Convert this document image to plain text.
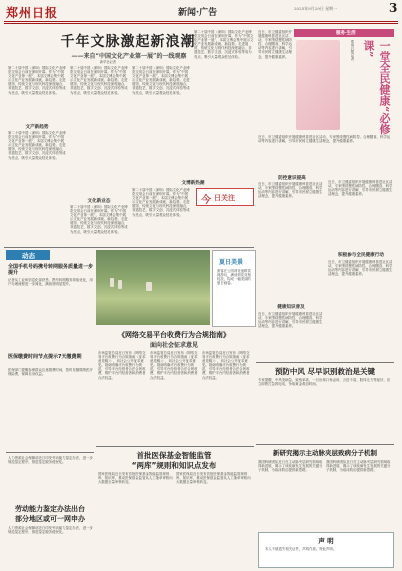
郑州日报	新闻·广告	2025年9月29日 星期一	3
千年文脉激起新浪潮
——来自“中国文化产业第一展”的一线观察
新华社记者
第二十届中国（深圳）国际文化产业博览交易会日前在深圳开幕。作为“中国文化产业第一展”，本届文博会集中展示文化产业发展新成就、新趋势。走进展馆，传统文化与现代科技深度融合，非遗技艺、数字文创、沉浸式体验等成为亮点，吸引大量观众驻足体验。
文产新趋势
第二十届中国（深圳）国际文化产业博览交易会日前在深圳开幕。作为“中国文化产业第一展”，本届文博会集中展示文化产业发展新成就、新趋势。走进展馆，传统文化与现代科技深度融合，非遗技艺、数字文创、沉浸式体验等成为亮点，吸引大量观众驻足体验。
第二十届中国（深圳）国际文化产业博览交易会日前在深圳开幕。作为“中国文化产业第一展”，本届文博会集中展示文化产业发展新成就、新趋势。走进展馆，传统文化与现代科技深度融合，非遗技艺、数字文创、沉浸式体验等成为亮点，吸引大量观众驻足体验。
文化新业态
第二十届中国（深圳）国际文化产业博览交易会日前在深圳开幕。作为“中国文化产业第一展”，本届文博会集中展示文化产业发展新成就、新趋势。走进展馆，传统文化与现代科技深度融合，非遗技艺、数字文创、沉浸式体验等成为亮点，吸引大量观众驻足体验。
第二十届中国（深圳）国际文化产业博览交易会日前在深圳开幕。作为“中国文化产业第一展”，本届文博会集中展示文化产业发展新成就、新趋势。走进展馆，传统文化与现代科技深度融合，非遗技艺、数字文创、沉浸式体验等成为亮点，吸引大量观众驻足体验。
第二十届中国（深圳）国际文化产业博览交易会日前在深圳开幕。作为“中国文化产业第一展”，本届文博会集中展示文化产业发展新成就、新趋势。走进展馆，传统文化与现代科技深度融合，非遗技艺、数字文创、沉浸式体验等成为亮点，吸引大量观众驻足体验。
文博新热潮
第二十届中国（深圳）国际文化产业博览交易会日前在深圳开幕。作为“中国文化产业第一展”，本届文博会集中展示文化产业发展新成就、新趋势。走进展馆，传统文化与现代科技深度融合，非遗技艺、数字文创、沉浸式体验等成为亮点，吸引大量观众驻足体验。
今 日关注
服务·生活
近日，市卫健委组织开展健康科普进社区活动，专家围绕慢性病防控、合理膳食、科学运动等内容进行讲解，引导市民树立健康生活理念，提升健康素养。	一堂全民健康“必修课”
郑州日报记者
近日，市卫健委组织开展健康科普进社区活动，专家围绕慢性病防控、合理膳食、科学运动等内容进行讲解，引导市民树立健康生活理念，提升健康素养。
防控意识提高
近日，市卫健委组织开展健康科普进社区活动，专家围绕慢性病防控、合理膳食、科学运动等内容进行讲解，引导市民树立健康生活理念，提升健康素养。
近日，市卫健委组织开展健康科普进社区活动，专家围绕慢性病防控、合理膳食、科学运动等内容进行讲解，引导市民树立健康生活理念，提升健康素养。
积极参与全民健康行动
近日，市卫健委组织开展健康科普进社区活动，专家围绕慢性病防控、合理膳食、科学运动等内容进行讲解，引导市民树立健康生活理念，提升健康素养。
健康知识普及
近日，市卫健委组织开展健康科普进社区活动，专家围绕慢性病防控、合理膳食、科学运动等内容进行讲解，引导市民树立健康生活理念，提升健康素养。
动态
全国手机号码携号转网服务质量进一步提升
记者从工业和信息化部获悉，携号转网服务持续优化，用户办理流程进一步简化，满意度明显提升。
医保缴费时间节点提示7天缴费期
医保部门提醒参保群众注意缴费时间，按时足额缴纳医疗保险费，保障自身权益。
夏日美景
游客在公园荷花池畔赏荷游玩，满池荷花竞相绽放，构成一幅美丽的夏日画卷。
《网络交易平台收费行为合规指南》
面向社会征求意见
市场监管总局近日发布《网络交易平台收费行为合规指南（征求意见稿）》，向社会公开征求意见。指南明确平台收费行为规范，引导平台经营者合法合规收费，维护平台内经营者和消费者合法权益。
市场监管总局近日发布《网络交易平台收费行为合规指南（征求意见稿）》，向社会公开征求意见。指南明确平台收费行为规范，引导平台经营者合法合规收费，维护平台内经营者和消费者合法权益。
市场监管总局近日发布《网络交易平台收费行为合规指南（征求意见稿）》，向社会公开征求意见。指南明确平台收费行为规范，引导平台经营者合法合规收费，维护平台内经营者和消费者合法权益。
预防中风 尽早识别救治是关键
专家提醒，中风发病急、致残率高，一旦出现口角歪斜、言语不清、肢体无力等症状，应立即拨打急救电话，争取黄金救治时间。
首批医保基金智能监管
“两库”规则和知识点发布
国家医保局近日发布首批医保基金智能监管规则库、知识库，推动医保基金监管从人工抽单审核向大数据全量审核转变。
国家医保局近日发布首批医保基金智能监管规则库、知识库，推动医保基金监管从人工抽单审核向大数据全量审核转变。
劳动能力鉴定办法出台
部分地区或可一网申办
人力资源社会保障部近日印发劳动能力鉴定办法，进一步规范鉴定程序，推进鉴定服务便民化。
人力资源社会保障部近日印发劳动能力鉴定办法，进一步规范鉴定程序，推进鉴定服务便民化。
新研究揭示主动脉夹层致病分子机制
我国科研团队近日在主动脉夹层研究领域取得新进展，揭示了该疾病发生发展的关键分子机制，为临床防治提供新思路。
我国科研团队近日在主动脉夹层研究领域取得新进展，揭示了该疾病发生发展的关键分子机制，为临床防治提供新思路。
声 明
本人不慎遗失相关证件，声明作废。特此声明。
